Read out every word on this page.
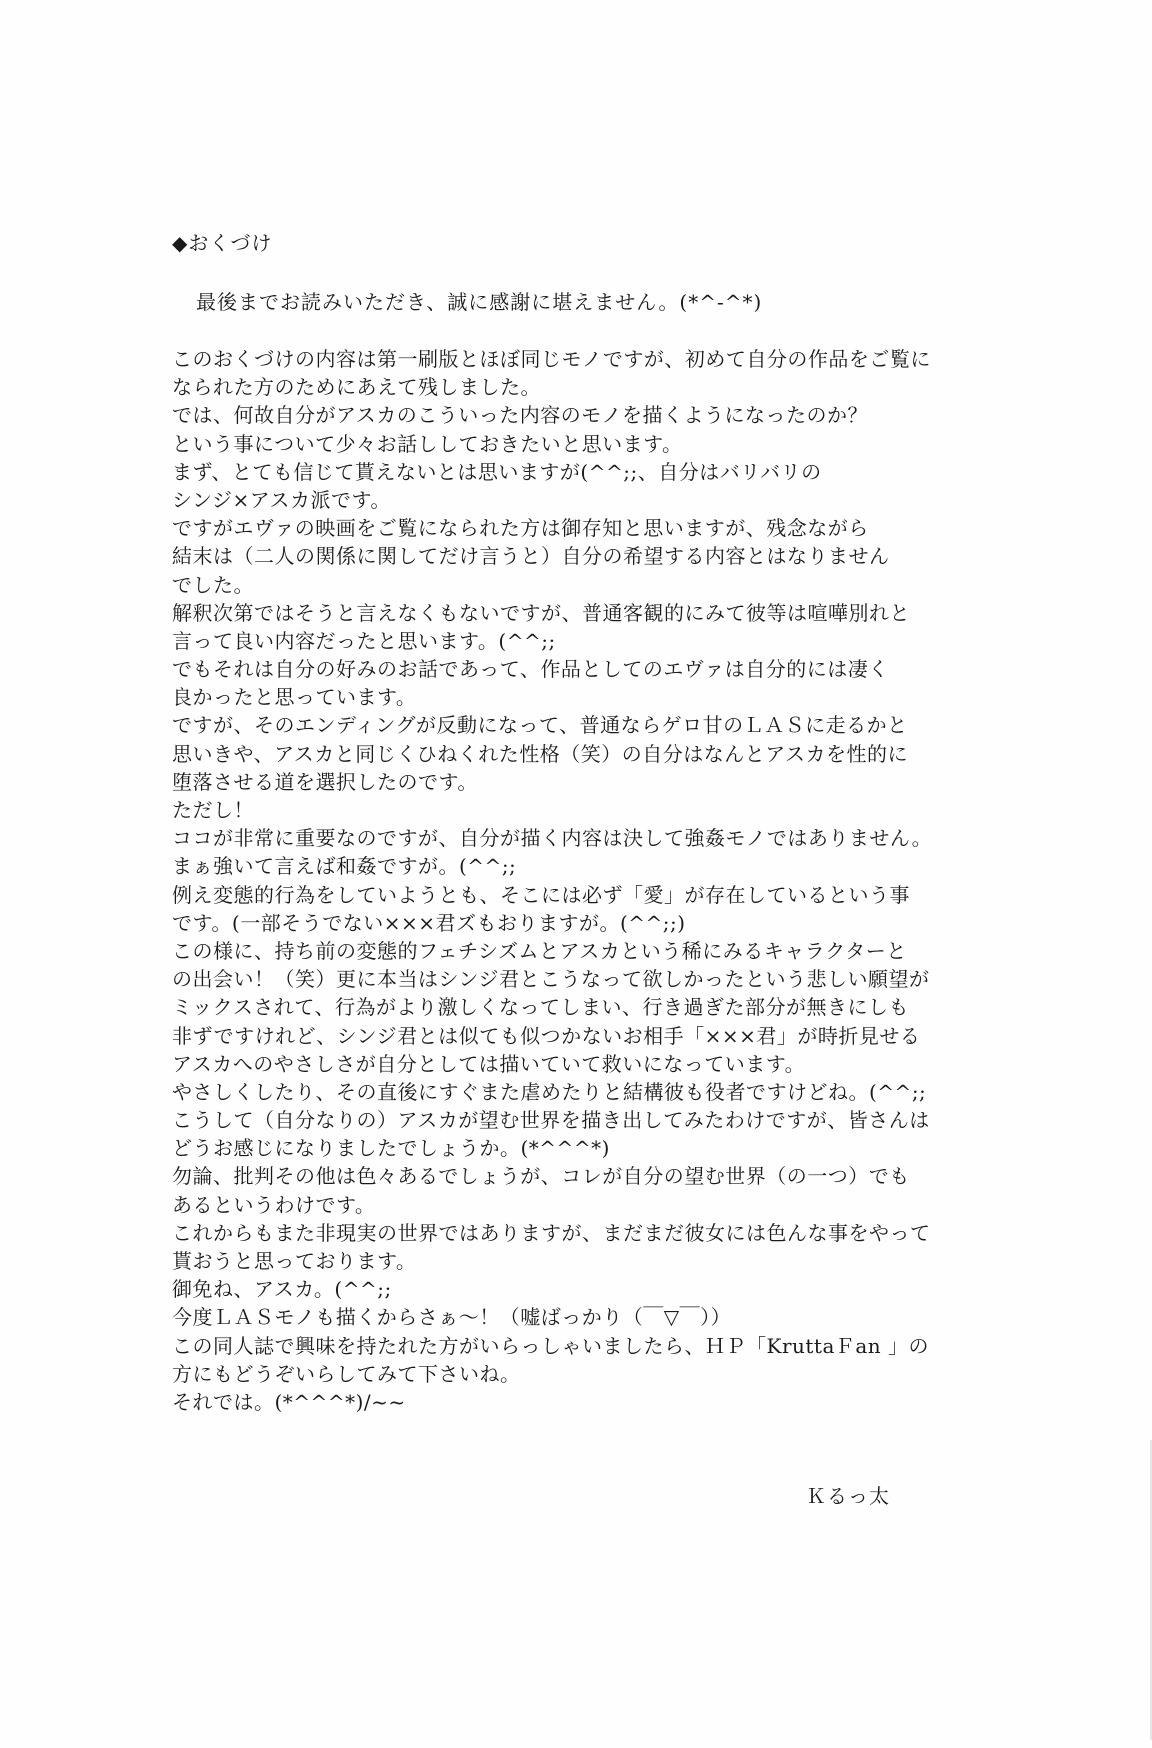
◆おくづけ
最後までお読みいただき、誠に感謝に堪えません。(*^-^*)
このおくづけの内容は第一刷版とほぼ同じモノですが、初めて自分の作品をご覧に
なられた方のためにあえて残しました。
では、何故自分がアスカのこういった内容のモノを描くようになったのか？
という事について少々お話ししておきたいと思います。
まず、とても信じて貰えないとは思いますが(^^;;、自分はバリバリの
シンジ×アスカ派です。
ですがエヴァの映画をご覧になられた方は御存知と思いますが、残念ながら
結末は（二人の関係に関してだけ言うと）自分の希望する内容とはなりません
でした。
解釈次第ではそうと言えなくもないですが、普通客観的にみて彼等は喧嘩別れと
言って良い内容だったと思います。(^^;;
でもそれは自分の好みのお話であって、作品としてのエヴァは自分的には凄く
良かったと思っています。
ですが、そのエンディングが反動になって、普通ならゲロ甘のＬＡＳに走るかと
思いきや、アスカと同じくひねくれた性格（笑）の自分はなんとアスカを性的に
堕落させる道を選択したのです。
ただし！
ココが非常に重要なのですが、自分が描く内容は決して強姦モノではありません。
まぁ強いて言えば和姦ですが。(^^;;
例え変態的行為をしていようとも、そこには必ず「愛」が存在しているという事
です。(一部そうでない×××君ズもおりますが。(^^;;)
この様に、持ち前の変態的フェチシズムとアスカという稀にみるキャラクターと
の出会い！（笑）更に本当はシンジ君とこうなって欲しかったという悲しい願望が
ミックスされて、行為がより激しくなってしまい、行き過ぎた部分が無きにしも
非ずですけれど、シンジ君とは似ても似つかないお相手「×××君」が時折見せる
アスカへのやさしさが自分としては描いていて救いになっています。
やさしくしたり、その直後にすぐまた虐めたりと結構彼も役者ですけどね。(^^;;
こうして（自分なりの）アスカが望む世界を描き出してみたわけですが、皆さんは
どうお感じになりましたでしょうか。(*^^^*)
勿論、批判その他は色々あるでしょうが、コレが自分の望む世界（の一つ）でも
あるというわけです。
これからもまた非現実の世界ではありますが、まだまだ彼女には色んな事をやって
貰おうと思っております。
御免ね、アスカ。(^^;;
今度ＬＡＳモノも描くからさぁ～！（嘘ばっかり（￣▽￣））
この同人誌で興味を持たれた方がいらっしゃいましたら、ＨＰ「KruttaＦan 」の
方にもどうぞいらしてみて下さいね。
それでは。(*^^^*)/~~
Ｋるっ太
